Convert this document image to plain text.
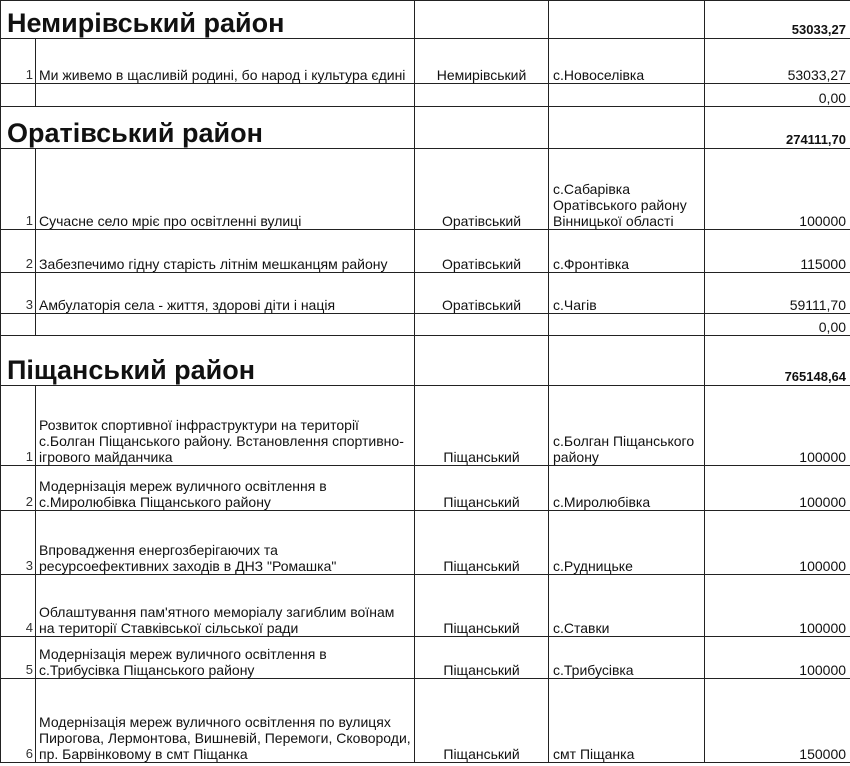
Немирівський район				53033,27
1	Ми живемо в щасливій родині, бо народ і культура єдині	Немирівський	с.Новоселівка	53033,27
				0,00
Оратівський район				274111,70
1	Сучасне село мріє про освітленні вулиці	Оратівський	с.Сабарівка Оратівського району Вінницької області	100000
2	Забезпечимо гідну старість літнім мешканцям району	Оратівський	с.Фронтівка	115000
3	Амбулаторія села - життя, здорові діти і нація	Оратівський	с.Чагів	59111,70
				0,00
Піщанський район				765148,64
1	Розвиток спортивної інфраструктури на території с.Болган Піщанського району. Встановлення спортивно-ігрового майданчика	Піщанський	с.Болган Піщанського району	100000
2	Модернізація мереж вуличного освітлення в с.Миролюбівка Піщанського району	Піщанський	с.Миролюбівка	100000
3	Впровадження енергозберігаючих та ресурсоефективних заходів в ДНЗ "Ромашка"	Піщанський	с.Рудницьке	100000
4	Облаштування пам'ятного меморіалу загиблим воїнам на території Ставківської сільської ради	Піщанський	с.Ставки	100000
5	Модернізація мереж вуличного освітлення в с.Трибусівка Піщанського району	Піщанський	с.Трибусівка	100000
6	Модернізація мереж вуличного освітлення по вулицях Пирогова, Лермонтова, Вишневій, Перемоги, Сковороди, пр. Барвінковому в смт Піщанка	Піщанський	смт Піщанка	150000
